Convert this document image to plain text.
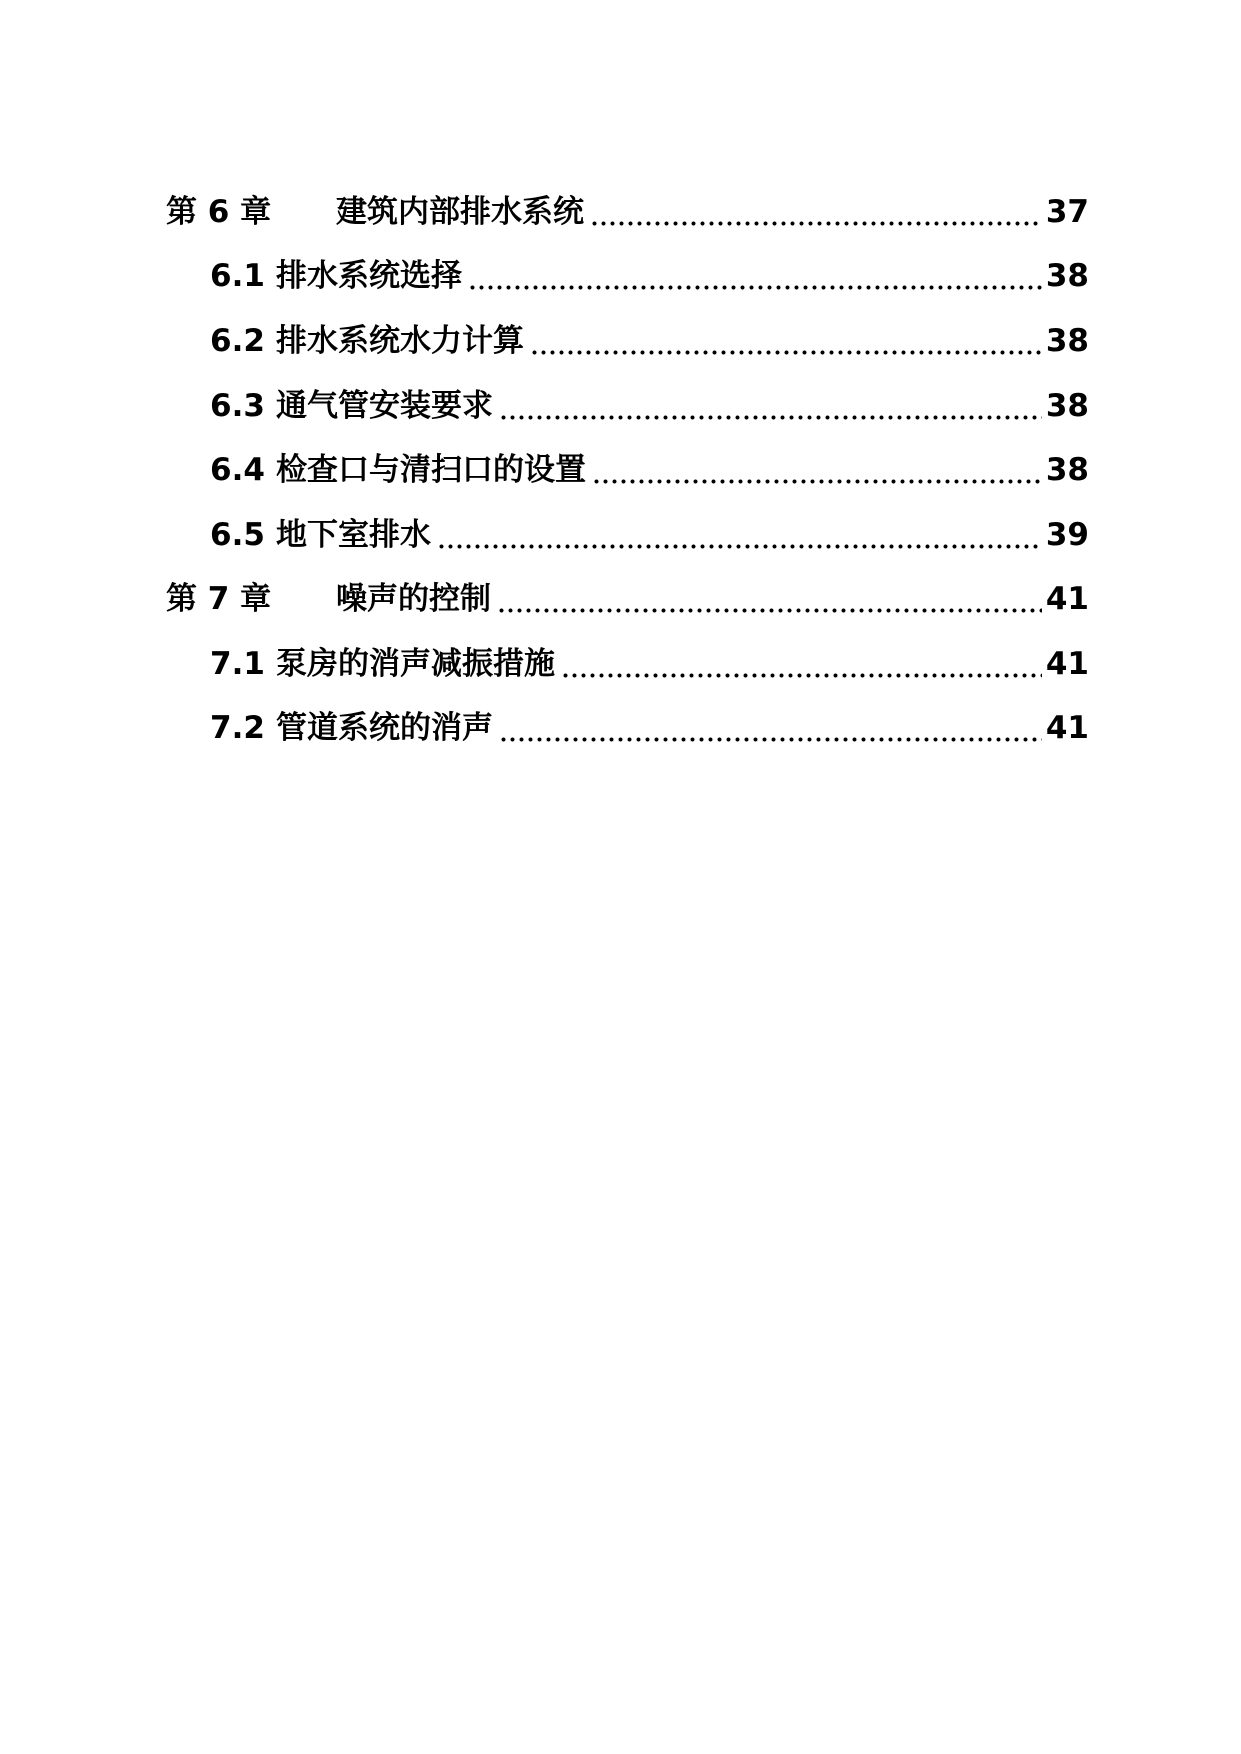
第 6 章	建筑内部排水系统	37
6.1 排水系统选择	38
6.2 排水系统水力计算	38
6.3 通气管安装要求	38
6.4 检查口与清扫口的设置	38
6.5 地下室排水	39
第 7 章	噪声的控制	41
7.1 泵房的消声减振措施	41
7.2 管道系统的消声	41
